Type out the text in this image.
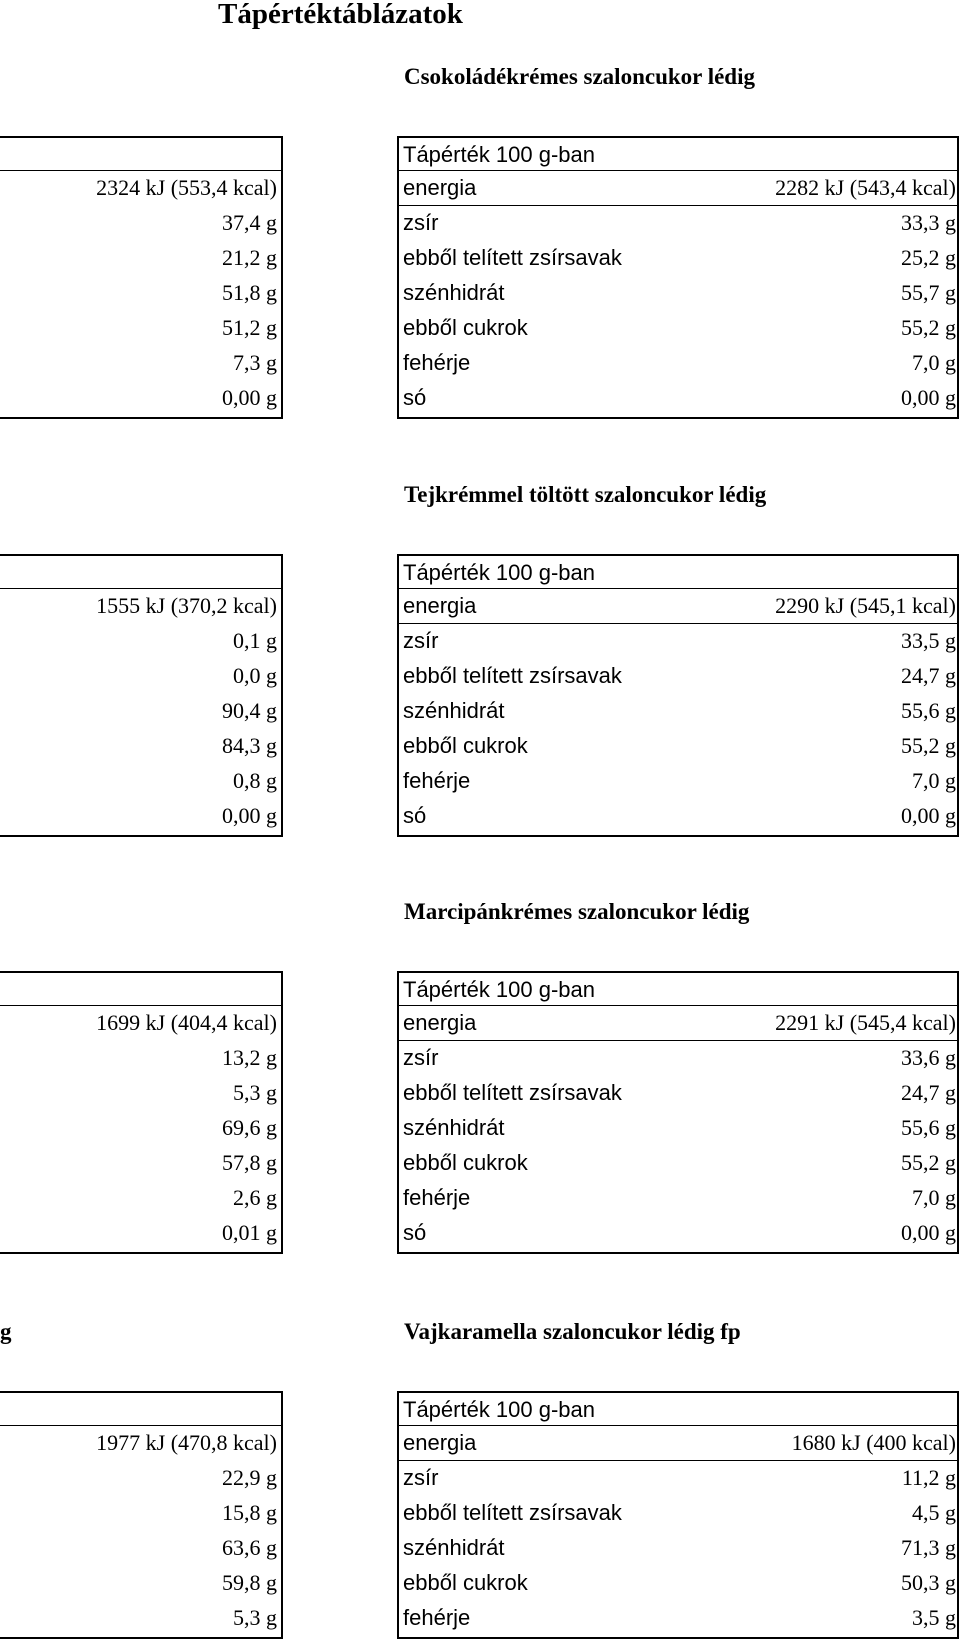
Tápértéktáblázatok
Csokoládékrémes szaloncukor lédig
Tápérték 100 g-ban
2324 kJ (553,4 kcal)	energia	2282 kJ (543,4 kcal)
37,4 g	zsír	33,3 g
21,2 g	ebből telített zsírsavak	25,2 g
51,8 g	szénhidrát	55,7 g
51,2 g	ebből cukrok	55,2 g
7,3 g	fehérje	7,0 g
0,00 g	só	0,00 g
Tejkrémmel töltött szaloncukor lédig
Tápérték 100 g-ban
1555 kJ (370,2 kcal)	energia	2290 kJ (545,1 kcal)
0,1 g	zsír	33,5 g
0,0 g	ebből telített zsírsavak	24,7 g
90,4 g	szénhidrát	55,6 g
84,3 g	ebből cukrok	55,2 g
0,8 g	fehérje	7,0 g
0,00 g	só	0,00 g
Marcipánkrémes szaloncukor lédig
Tápérték 100 g-ban
1699 kJ (404,4 kcal)	energia	2291 kJ (545,4 kcal)
13,2 g	zsír	33,6 g
5,3 g	ebből telített zsírsavak	24,7 g
69,6 g	szénhidrát	55,6 g
57,8 g	ebből cukrok	55,2 g
2,6 g	fehérje	7,0 g
0,01 g	só	0,00 g
Vajkaramella szaloncukor lédig fp
g
Tápérték 100 g-ban
1977 kJ (470,8 kcal)	energia	1680 kJ (400 kcal)
22,9 g	zsír	11,2 g
15,8 g	ebből telített zsírsavak	4,5 g
63,6 g	szénhidrát	71,3 g
59,8 g	ebből cukrok	50,3 g
5,3 g	fehérje	3,5 g
